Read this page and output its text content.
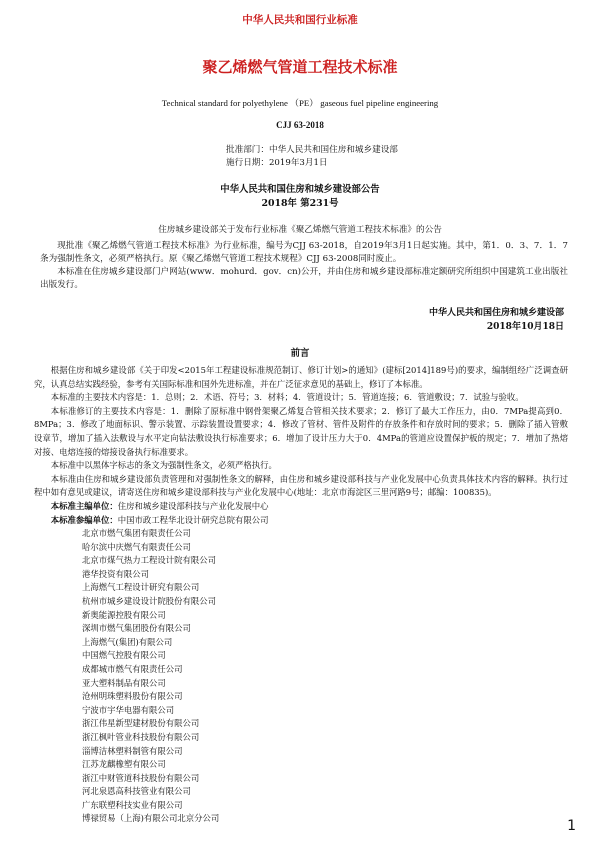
中华人民共和国行业标准
聚乙烯燃气管道工程技术标准
Technical standard for polyethylene （PE） gaseous fuel pipeline engineering
CJJ 63-2018
批准部门：中华人民共和国住房和城乡建设部
施行日期：2019年3月1日
中华人民共和国住房和城乡建设部公告
2018年 第231号
住房城乡建设部关于发布行业标准《聚乙烯燃气管道工程技术标准》的公告

现批准《聚乙烯燃气管道工程技术标准》为行业标准，编号为CJJ 63-2018，自2019年3月1日起实施。其中，第1．0．3、7．1．7条为强制性条文，必须严格执行。原《聚乙烯燃气管道工程技术规程》CJJ 63-2008同时废止。

本标准在住房城乡建设部门户网站(www．mohurd．gov．cn)公开，并由住房和城乡建设部标准定额研究所组织中国建筑工业出版社出版发行。

中华人民共和国住房和城乡建设部
2018年10月18日
前言

根据住房和城乡建设部《关于印发<2015年工程建设标准规范制订、修订计划>的通知》(建标[2014]189号)的要求，编制组经广泛调查研究，认真总结实践经验，参考有关国际标准和国外先进标准，并在广泛征求意见的基础上，修订了本标准。

本标准的主要技术内容是：1．总则；2．术语、符号；3．材料；4．管道设计；5．管道连接；6．管道敷设；7．试验与验收。

本标准修订的主要技术内容是：1．删除了原标准中钢骨架聚乙烯复合管相关技术要求；2．修订了最大工作压力，由0．7MPa提高到0．8MPa；3．修改了地面标识、警示装置、示踪装置设置要求；4．修改了管材、管件及附件的存放条件和存放时间的要求；5．删除了插入管敷设章节，增加了插入法敷设与水平定向钻法敷设执行标准要求；6．增加了设计压力大于0．4MPa的管道应设置保护板的规定；7．增加了热熔对接、电熔连接的熔接设备执行标准要求。

本标准中以黑体字标志的条文为强制性条文，必须严格执行。

本标准由住房和城乡建设部负责管理和对强制性条文的解释，由住房和城乡建设部科技与产业化发展中心负责具体技术内容的解释。执行过程中如有意见或建议，请寄送住房和城乡建设部科技与产业化发展中心(地址：北京市海淀区三里河路9号；邮编：100835)。

本标准主编单位：住房和城乡建设部科技与产业化发展中心

本标准参编单位：中国市政工程华北设计研究总院有限公司

北京市燃气集团有限责任公司
哈尔滨中庆燃气有限责任公司
北京市煤气热力工程设计院有限公司
港华投资有限公司
上海燃气工程设计研究有限公司
杭州市城乡建设设计院股份有限公司
新奥能源控股有限公司
深圳市燃气集团股份有限公司
上海燃气(集团)有限公司
中国燃气控股有限公司
成都城市燃气有限责任公司
亚大塑料制品有限公司
沧州明珠塑料股份有限公司
宁波市宇华电器有限公司
浙江伟星新型建材股份有限公司
浙江枫叶管业科技股份有限公司
淄博洁林塑料制管有限公司
江苏龙麒橡塑有限公司
浙江中财管道科技股份有限公司
河北泉恩高科技管业有限公司
广东联塑科技实业有限公司
博禄贸易（上海)有限公司北京分公司	1
